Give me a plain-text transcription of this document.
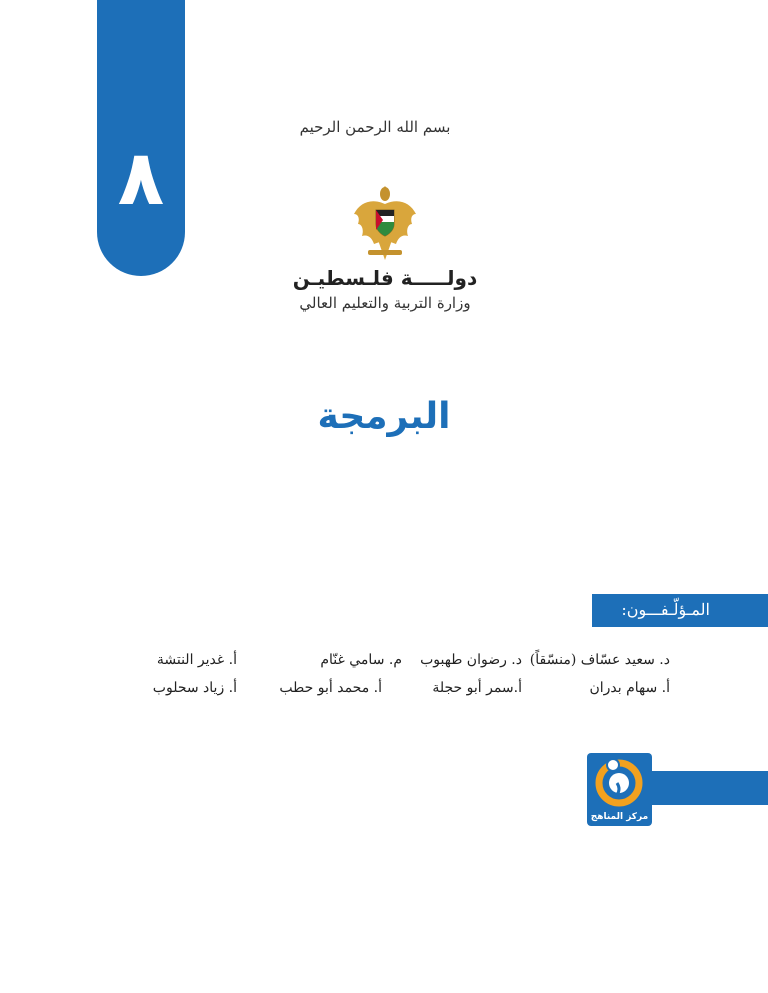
٨
بسم الله الرحمن الرحيم
دولـــــة فلـسطيـن
وزارة التربية والتعليم العالي
البرمجة
المـؤلّـفـــون:
د. سعيد عسّاف (منسّقاً)
د. رضوان طهبوب
م. سامي غنّام
أ. غدير النتشة
أ. سهام بدران
أ.سمر أبو حجلة
أ. محمد أبو حطب
أ. زياد سحلوب
مركز المناهج
